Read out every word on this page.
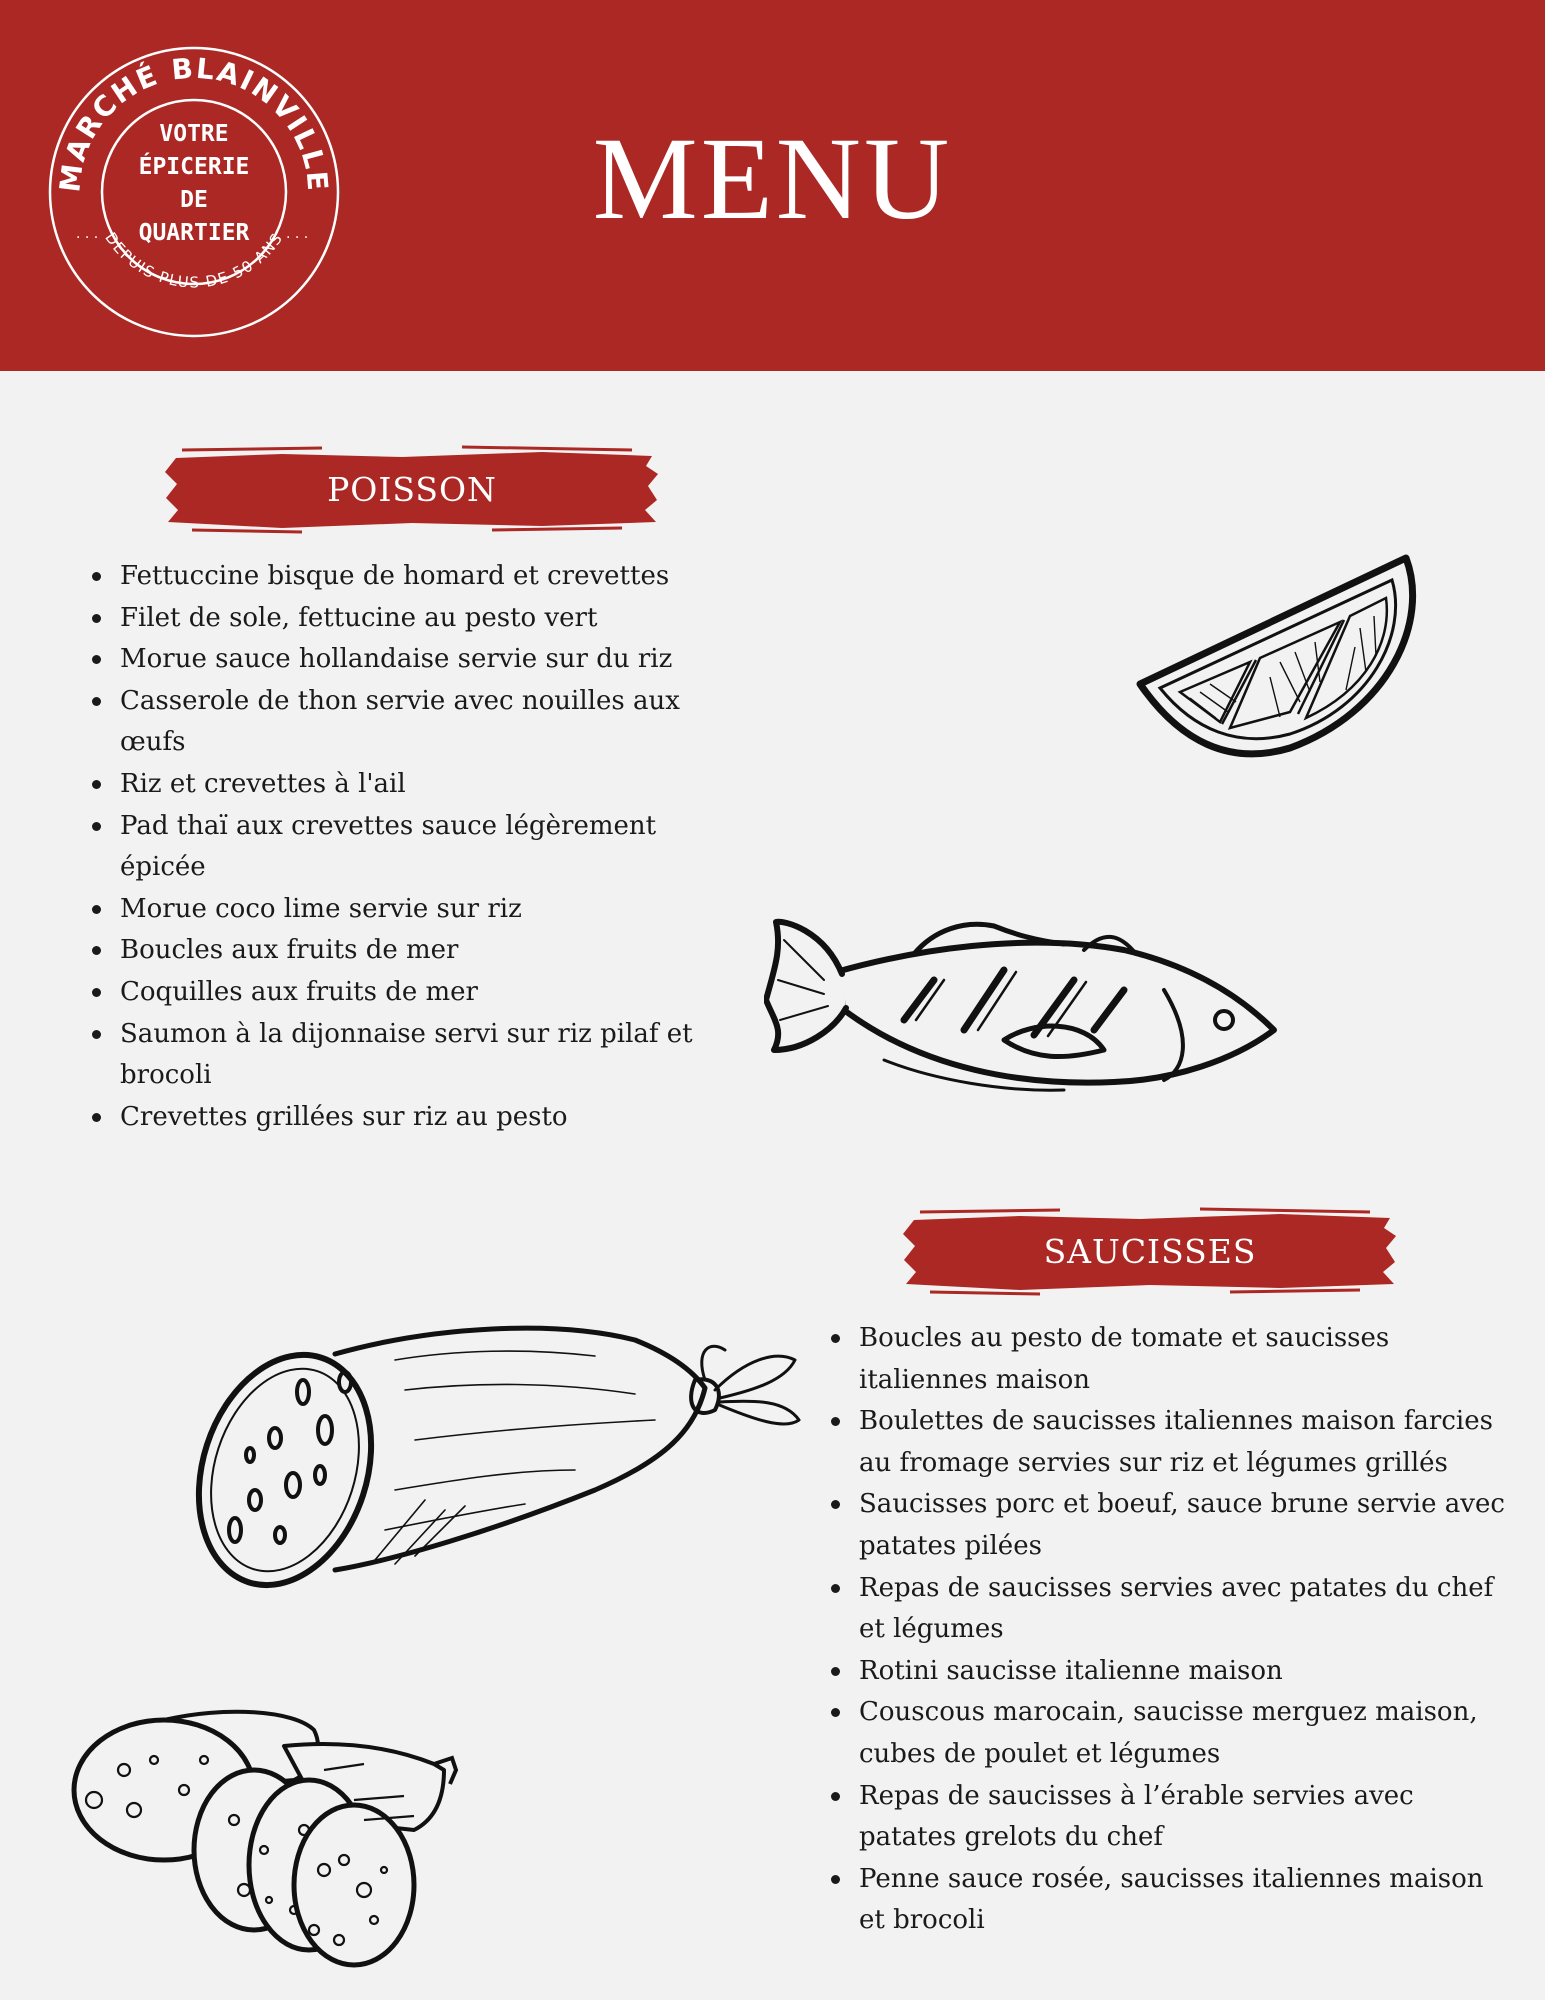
MARCHÉ BLAINVILLE
DEPUIS PLUS DE 50 ANS
· · ·	· · ·
VOTRE
ÉPICERIE
DE
QUARTIER	MENU
POISSON
Fettuccine bisque de homard et crevettes
Filet de sole, fettucine au pesto vert
Morue sauce hollandaise servie sur du riz
Casserole de thon servie avec nouilles aux œufs
Riz et crevettes à l'ail
Pad thaï aux crevettes sauce légèrement épicée
Morue coco lime servie sur riz
Boucles aux fruits de mer
Coquilles aux fruits de mer
Saumon à la dijonnaise servi sur riz pilaf et brocoli
Crevettes grillées sur riz au pesto
SAUCISSES
Boucles au pesto de tomate et saucisses italiennes maison
Boulettes de saucisses italiennes maison farcies au fromage servies sur riz et légumes grillés
Saucisses porc et boeuf, sauce brune servie avec patates pilées
Repas de saucisses servies avec patates du chef et légumes
Rotini saucisse italienne maison
Couscous marocain, saucisse merguez maison, cubes de poulet et légumes
Repas de saucisses à l’érable servies avec patates grelots du chef
Penne sauce rosée, saucisses italiennes maison et brocoli
